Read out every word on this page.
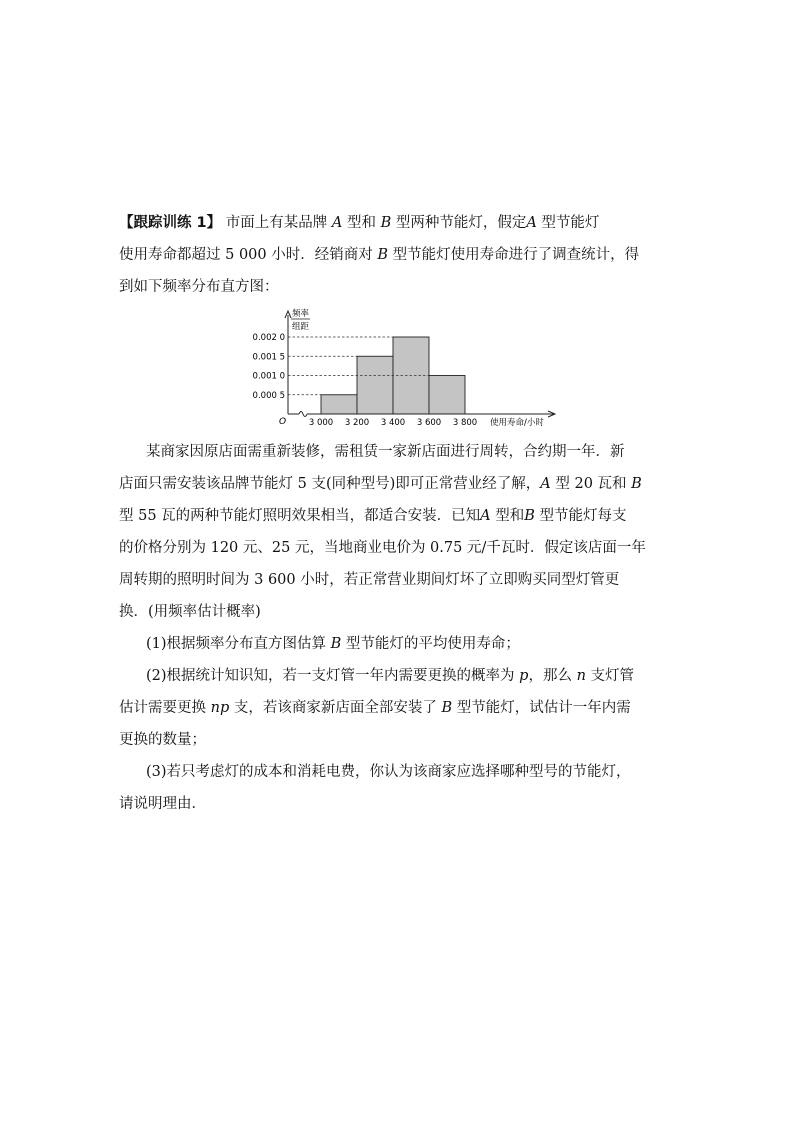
【跟踪训练 1】 市面上有某品牌 A 型和 B 型两种节能灯，假定A 型节能灯
使用寿命都超过 5 000 小时．经销商对 B 型节能灯使用寿命进行了调查统计，得
到如下频率分布直方图：
0.000 5
0.001 0
0.001 5
0.002 0
3 000 3 200 3 400 3 600 3 800
频率
组距
O	使用寿命/小时
某商家因原店面需重新装修，需租赁一家新店面进行周转，合约期一年．新
店面只需安装该品牌节能灯 5 支(同种型号)即可正常营业经了解，A 型 20 瓦和 B
型 55 瓦的两种节能灯照明效果相当，都适合安装．已知A 型和B 型节能灯每支
的价格分别为 120 元、25 元，当地商业电价为 0.75 元/千瓦时．假定该店面一年
周转期的照明时间为 3 600 小时，若正常营业期间灯坏了立即购买同型灯管更
换．(用频率估计概率)
(1)根据频率分布直方图估算 B 型节能灯的平均使用寿命；
(2)根据统计知识知，若一支灯管一年内需要更换的概率为 p，那么 n 支灯管
估计需要更换 np 支，若该商家新店面全部安装了 B 型节能灯，试估计一年内需
更换的数量；
(3)若只考虑灯的成本和消耗电费，你认为该商家应选择哪种型号的节能灯，
请说明理由．
